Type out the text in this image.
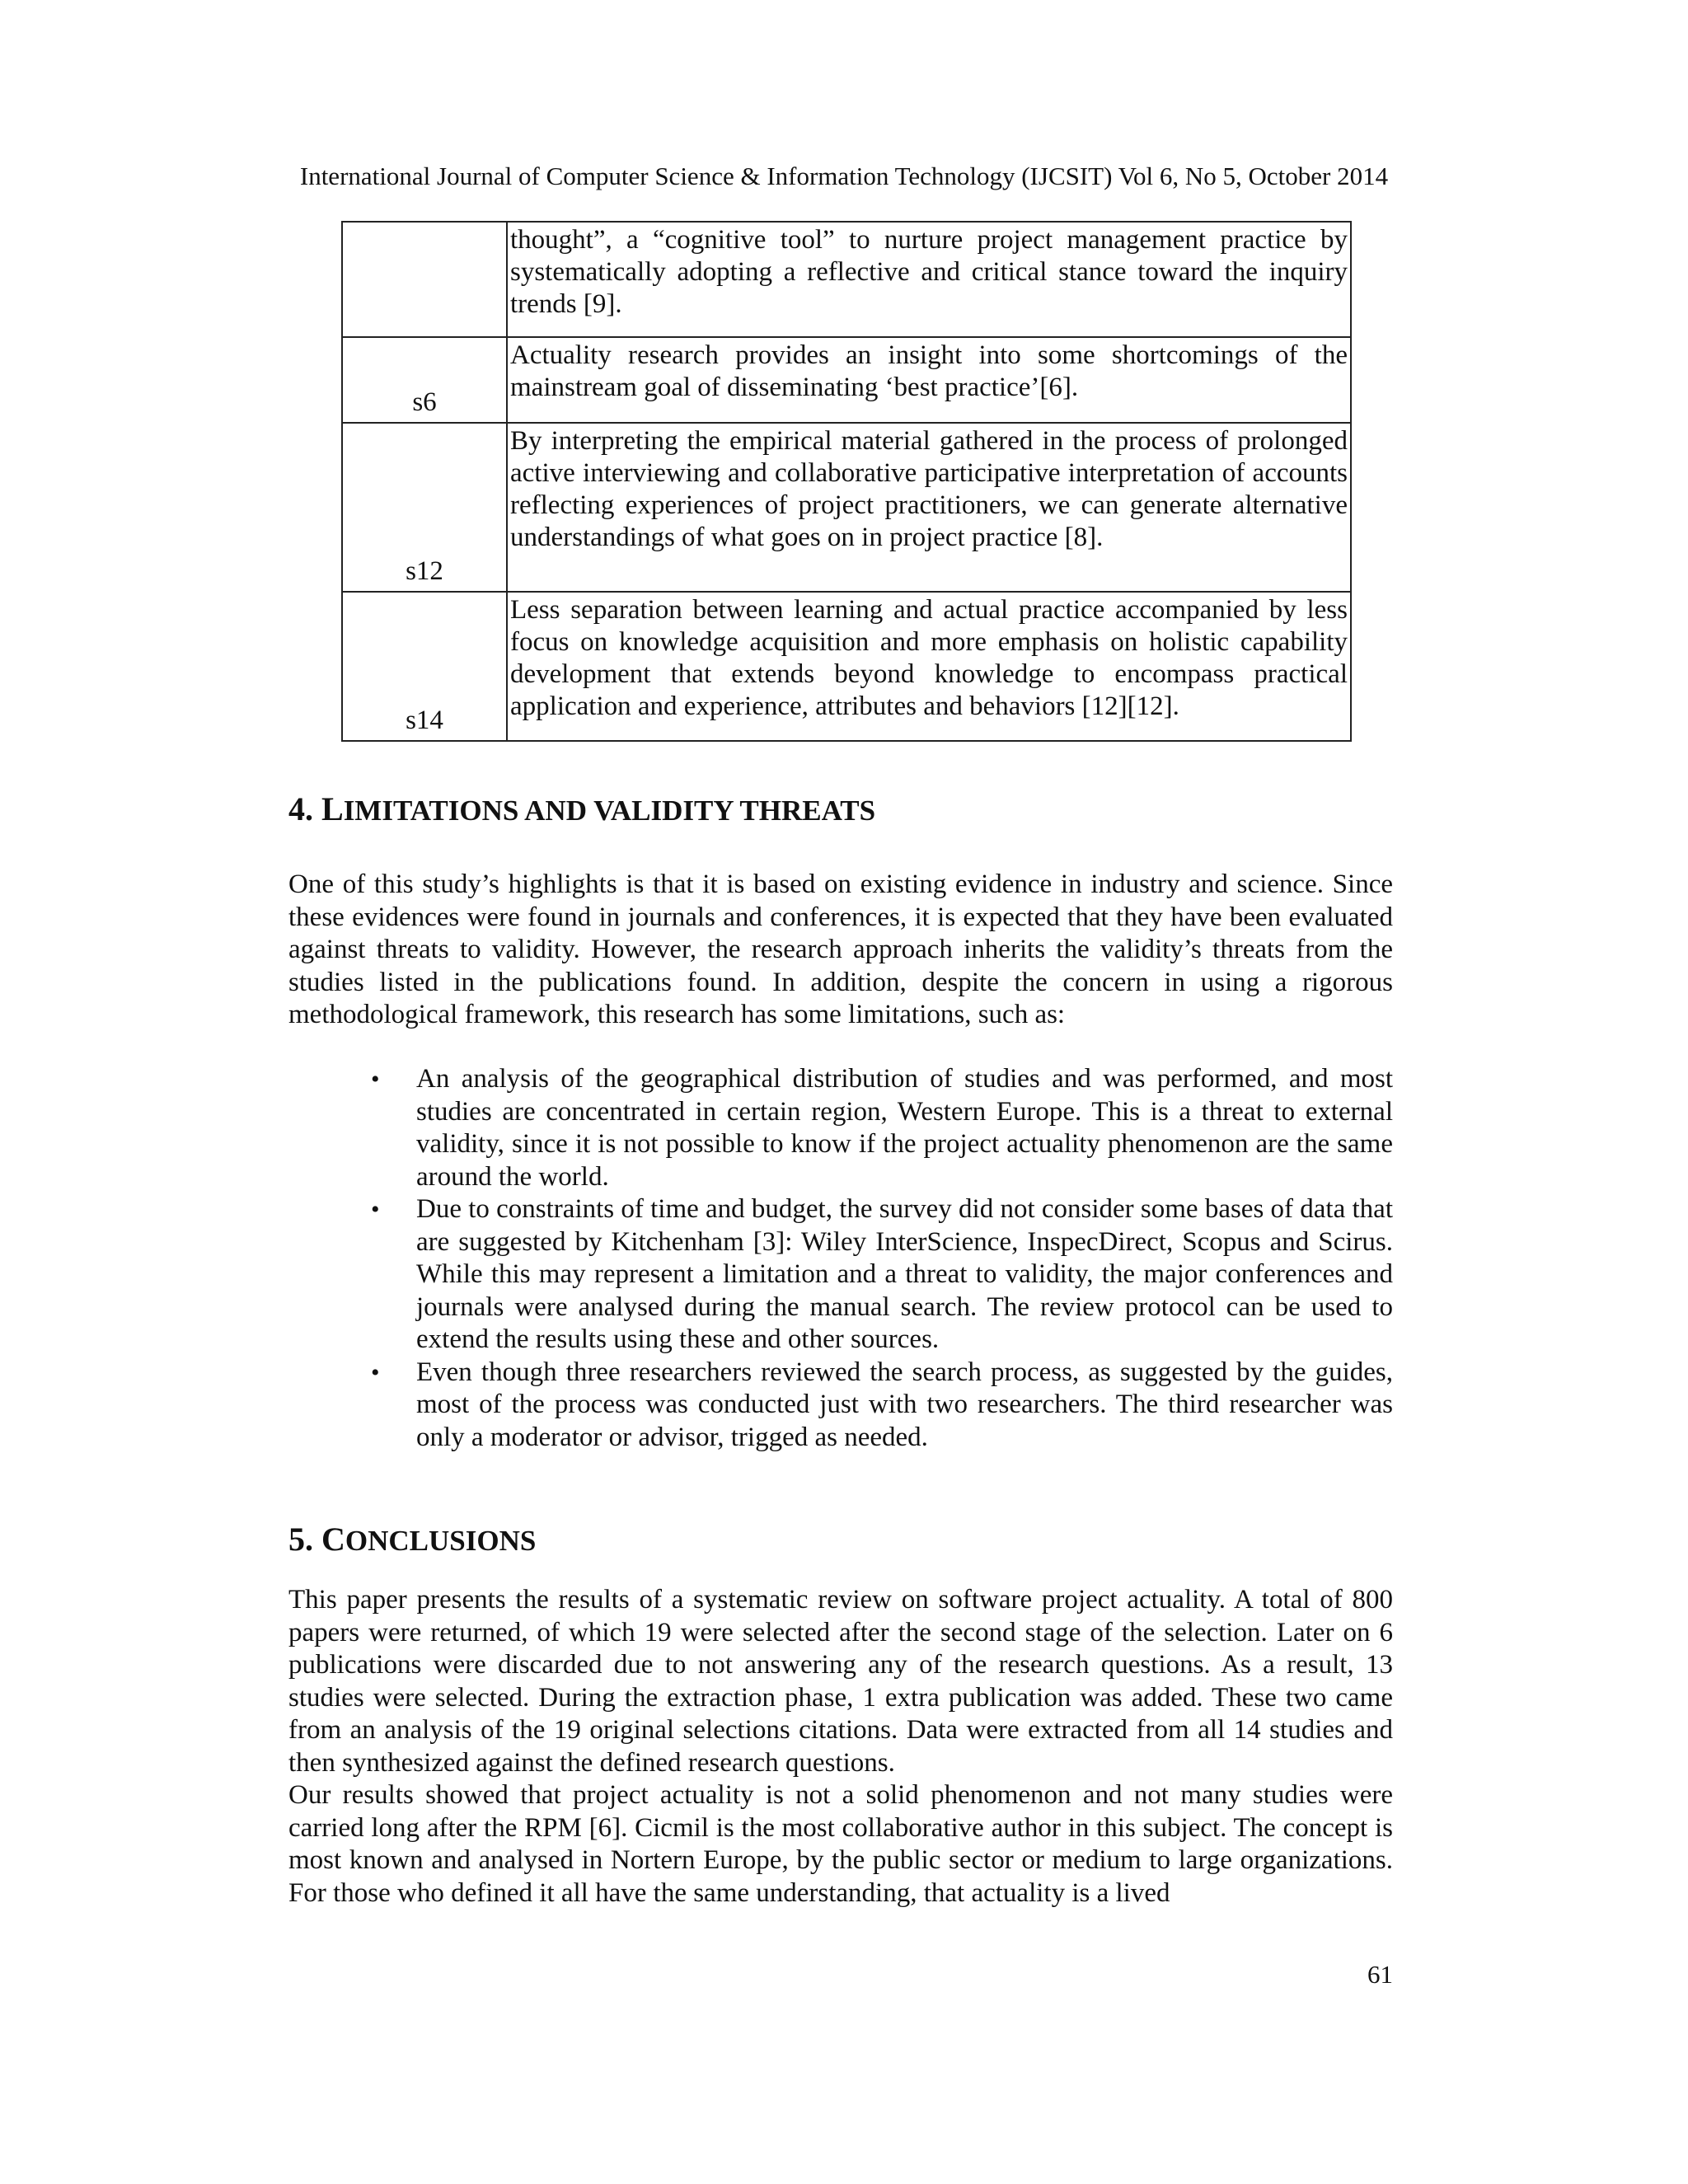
International Journal of Computer Science & Information Technology (IJCSIT) Vol 6, No 5, October 2014
	thought”, a “cognitive tool” to nurture project management practice by systematically adopting a reflective and critical stance toward the inquiry trends [9].
s6	Actuality research provides an insight into some shortcomings of the mainstream goal of disseminating ‘best practice’[6].
s12	By interpreting the empirical material gathered in the process of prolonged active interviewing and collaborative participative interpretation of accounts reflecting experiences of project practitioners, we can generate alternative understandings of what goes on in project practice [8].
s14	Less separation between learning and actual practice accompanied by less focus on knowledge acquisition and more emphasis on holistic capability development that extends beyond knowledge to encompass practical application and experience, attributes and behaviors [12][12].
4. LIMITATIONS AND VALIDITY THREATS

One of this study’s highlights is that it is based on existing evidence in industry and science. Since these evidences were found in journals and conferences, it is expected that they have been evaluated against threats to validity. However, the research approach inherits the validity’s threats from the studies listed in the publications found. In addition, despite the concern in using a rigorous methodological framework, this research has some limitations, such as:

• An analysis of the geographical distribution of studies and was performed, and most studies are concentrated in certain region, Western Europe. This is a threat to external validity, since it is not possible to know if the project actuality phenomenon are the same around the world.
• Due to constraints of time and budget, the survey did not consider some bases of data that are suggested by Kitchenham [3]: Wiley InterScience, InspecDirect, Scopus and Scirus. While this may represent a limitation and a threat to validity, the major conferences and journals were analysed during the manual search. The review protocol can be used to extend the results using these and other sources.
• Even though three researchers reviewed the search process, as suggested by the guides, most of the process was conducted just with two researchers. The third researcher was only a moderator or advisor, trigged as needed.
5. CONCLUSIONS

This paper presents the results of a systematic review on software project actuality. A total of 800 papers were returned, of which 19 were selected after the second stage of the selection. Later on 6 publications were discarded due to not answering any of the research questions. As a result, 13 studies were selected. During the extraction phase, 1 extra publication was added. These two came from an analysis of the 19 original selections citations. Data were extracted from all 14 studies and then synthesized against the defined research questions.

Our results showed that project actuality is not a solid phenomenon and not many studies were carried long after the RPM [6]. Cicmil is the most collaborative author in this subject. The concept is most known and analysed in Nortern Europe, by the public sector or medium to large organizations. For those who defined it all have the same understanding, that actuality is a lived

61
